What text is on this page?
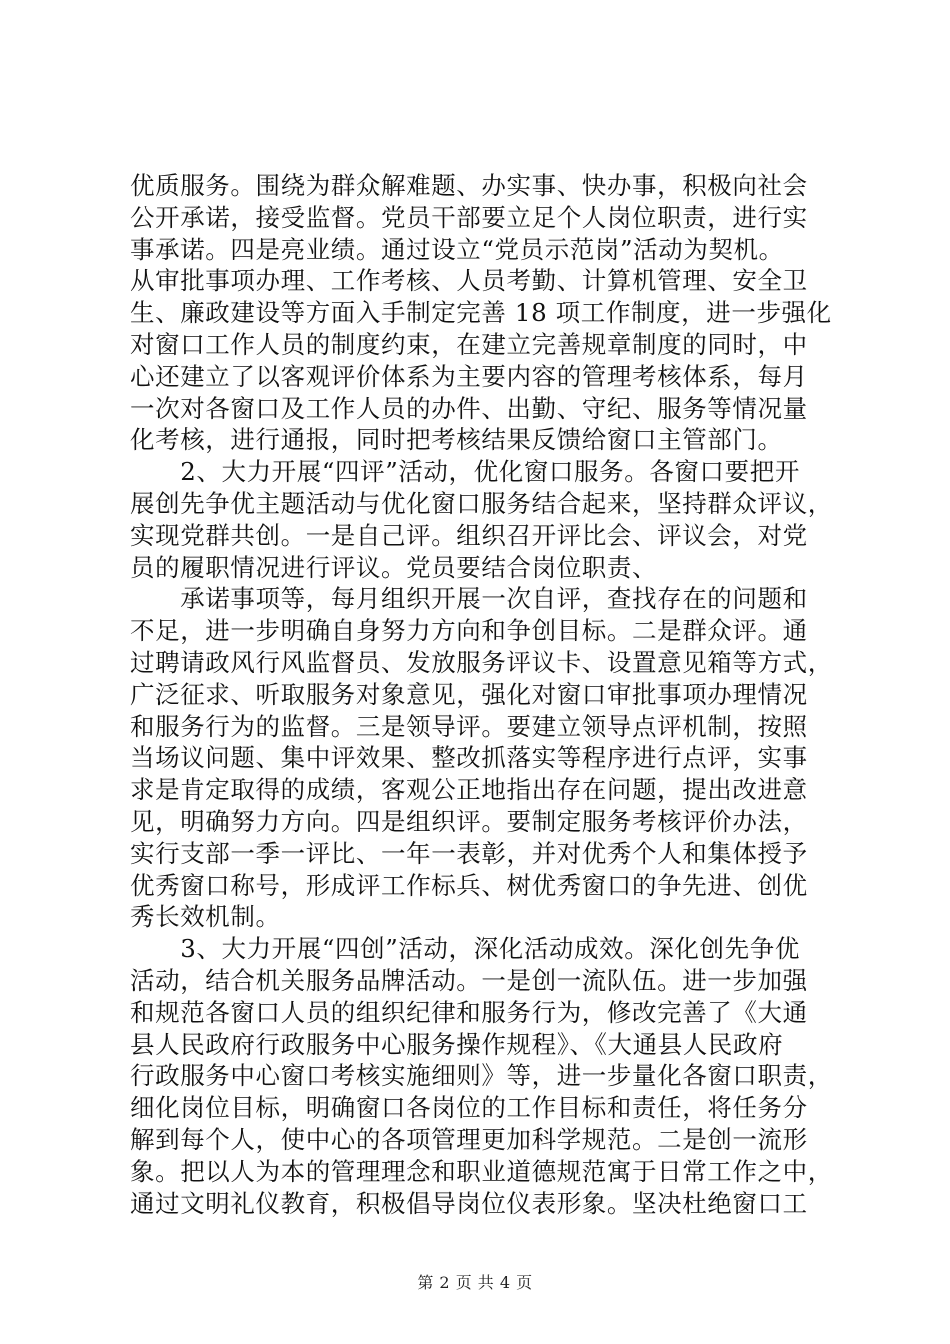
优质服务。围绕为群众解难题、办实事、快办事，积极向社会
公开承诺，接受监督。党员干部要立足个人岗位职责，进行实
事承诺。四是亮业绩。通过设立“党员示范岗”活动为契机。
从审批事项办理、工作考核、人员考勤、计算机管理、安全卫
生、廉政建设等方面入手制定完善 18 项工作制度，进一步强化
对窗口工作人员的制度约束，在建立完善规章制度的同时，中
心还建立了以客观评价体系为主要内容的管理考核体系，每月
一次对各窗口及工作人员的办件、出勤、守纪、服务等情况量
化考核，进行通报，同时把考核结果反馈给窗口主管部门。
　　2、大力开展“四评”活动，优化窗口服务。各窗口要把开
展创先争优主题活动与优化窗口服务结合起来，坚持群众评议，
实现党群共创。一是自己评。组织召开评比会、评议会，对党
员的履职情况进行评议。党员要结合岗位职责、
　　承诺事项等，每月组织开展一次自评，查找存在的问题和
不足，进一步明确自身努力方向和争创目标。二是群众评。通
过聘请政风行风监督员、发放服务评议卡、设置意见箱等方式，
广泛征求、听取服务对象意见，强化对窗口审批事项办理情况
和服务行为的监督。三是领导评。要建立领导点评机制，按照
当场议问题、集中评效果、整改抓落实等程序进行点评，实事
求是肯定取得的成绩，客观公正地指出存在问题，提出改进意
见，明确努力方向。四是组织评。要制定服务考核评价办法，
实行支部一季一评比、一年一表彰，并对优秀个人和集体授予
优秀窗口称号，形成评工作标兵、树优秀窗口的争先进、创优
秀长效机制。
　　3、大力开展“四创”活动，深化活动成效。深化创先争优
活动，结合机关服务品牌活动。一是创一流队伍。进一步加强
和规范各窗口人员的组织纪律和服务行为，修改完善了《大通
县人民政府行政服务中心服务操作规程》、《大通县人民政府
行政服务中心窗口考核实施细则》等，进一步量化各窗口职责，
细化岗位目标，明确窗口各岗位的工作目标和责任，将任务分
解到每个人，使中心的各项管理更加科学规范。二是创一流形
象。把以人为本的管理理念和职业道德规范寓于日常工作之中，
通过文明礼仪教育，积极倡导岗位仪表形象。坚决杜绝窗口工
第 2 页 共 4 页
